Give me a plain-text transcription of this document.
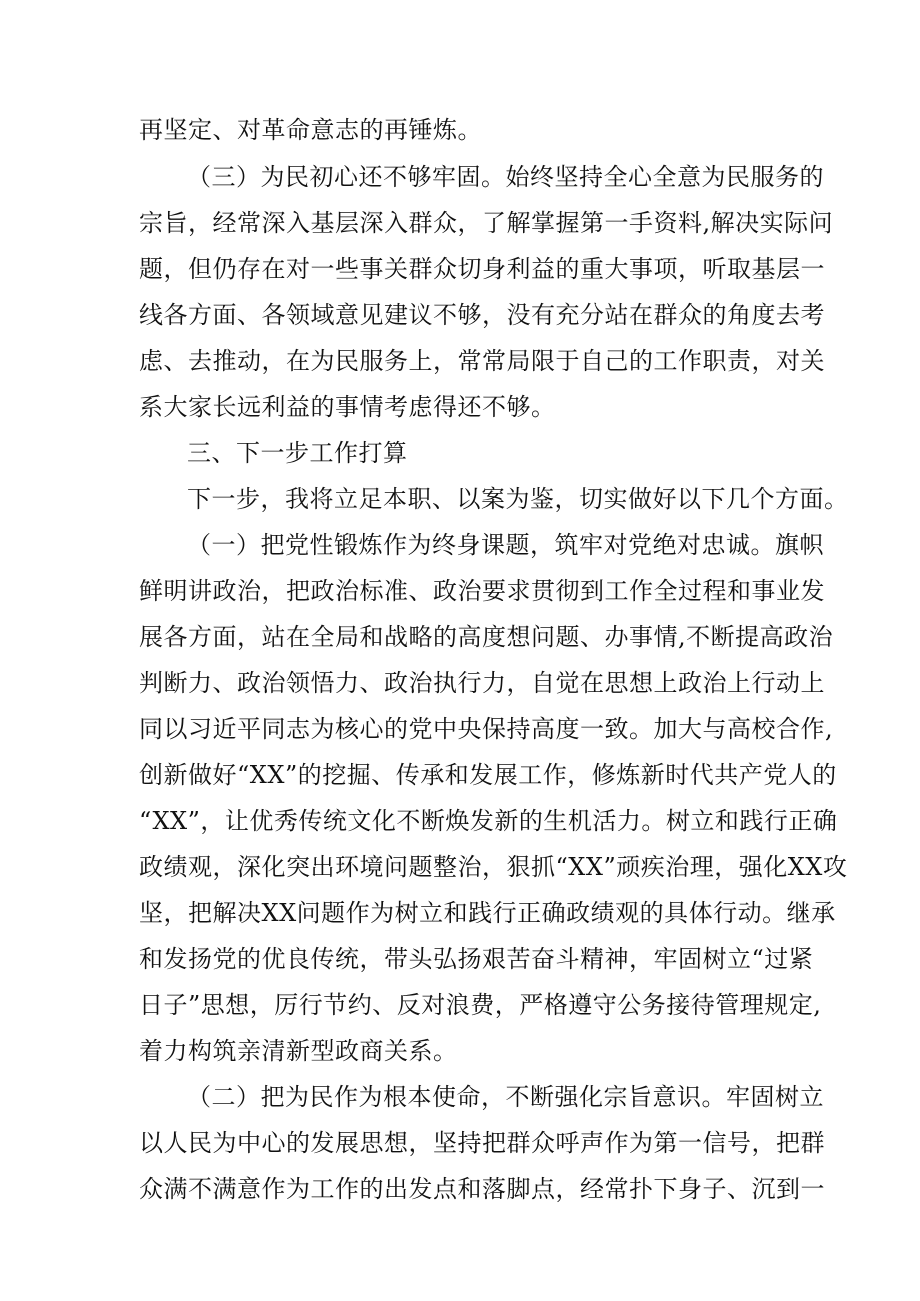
再坚定、对革命意志的再锤炼。
（三）为民初心还不够牢固。始终坚持全心全意为民服务的
宗旨，经常深入基层深入群众，了解掌握第一手资料,解决实际问
题，但仍存在对一些事关群众切身利益的重大事项，听取基层一
线各方面、各领域意见建议不够，没有充分站在群众的角度去考
虑、去推动，在为民服务上，常常局限于自己的工作职责，对关
系大家长远利益的事情考虑得还不够。
三、下一步工作打算
下一步，我将立足本职、以案为鉴，切实做好以下几个方面。
（一）把党性锻炼作为终身课题，筑牢对党绝对忠诚。旗帜
鲜明讲政治，把政治标准、政治要求贯彻到工作全过程和事业发
展各方面，站在全局和战略的高度想问题、办事情,不断提高政治
判断力、政治领悟力、政治执行力，自觉在思想上政治上行动上
同以习近平同志为核心的党中央保持高度一致。加大与高校合作,
创新做好“XX”的挖掘、传承和发展工作，修炼新时代共产党人的
“XX”，让优秀传统文化不断焕发新的生机活力。树立和践行正确
政绩观，深化突出环境问题整治，狠抓“XX”顽疾治理，强化XX攻
坚，把解决XX问题作为树立和践行正确政绩观的具体行动。继承
和发扬党的优良传统，带头弘扬艰苦奋斗精神，牢固树立“过紧
日子”思想，厉行节约、反对浪费，严格遵守公务接待管理规定,
着力构筑亲清新型政商关系。
（二）把为民作为根本使命，不断强化宗旨意识。牢固树立
以人民为中心的发展思想，坚持把群众呼声作为第一信号，把群
众满不满意作为工作的出发点和落脚点，经常扑下身子、沉到一
